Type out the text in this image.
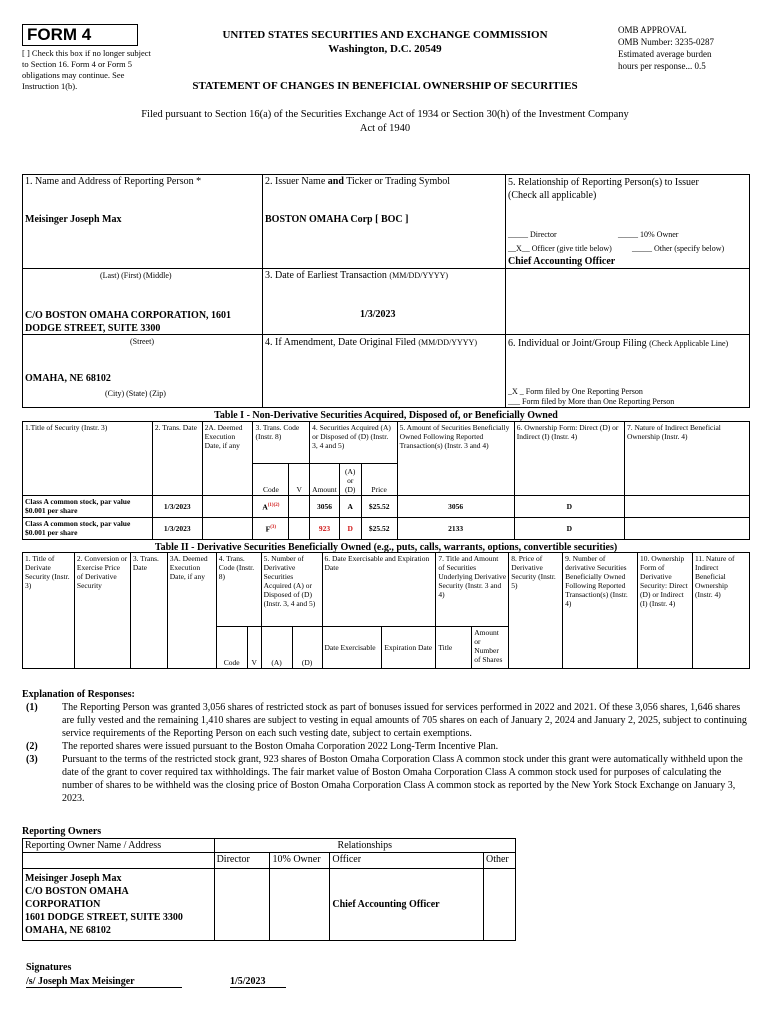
FORM 4
[ ] Check this box if no longer subject to Section 16. Form 4 or Form 5 obligations may continue. See Instruction 1(b).
UNITED STATES SECURITIES AND EXCHANGE COMMISSION
Washington, D.C. 20549
OMB APPROVAL
OMB Number: 3235-0287
Estimated average burden
hours per response... 0.5
STATEMENT OF CHANGES IN BENEFICIAL OWNERSHIP OF SECURITIES
Filed pursuant to Section 16(a) of the Securities Exchange Act of 1934 or Section 30(h) of the Investment Company Act of 1940
1. Name and Address of Reporting Person *
Meisinger Joseph Max
(Last) (First) (Middle)
C/O BOSTON OMAHA CORPORATION, 1601
DODGE STREET, SUITE 3300
(Street)
OMAHA, NE 68102
(City) (State) (Zip)
2. Issuer Name and Ticker or Trading Symbol
BOSTON OMAHA Corp [ BOC ]
3. Date of Earliest Transaction (MM/DD/YYYY)
1/3/2023
4. If Amendment, Date Original Filed (MM/DD/YYYY)
5. Relationship of Reporting Person(s) to Issuer
(Check all applicable)
_____ Director	_____ 10% Owner
__X__ Officer (give title below)	_____ Other (specify below)
Chief Accounting Officer
6. Individual or Joint/Group Filing (Check Applicable Line)
_X _ Form filed by One Reporting Person
___ Form filed by More than One Reporting Person
Table I - Non-Derivative Securities Acquired, Disposed of, or Beneficially Owned
1.Title of Security (Instr. 3)	2. Trans. Date	2A. Deemed Execution Date, if any	3. Trans. Code (Instr. 8)		4. Securities Acquired (A) or Disposed of (D) (Instr. 3, 4 and 5)			5. Amount of Securities Beneficially Owned Following Reported Transaction(s) (Instr. 3 and 4)	6. Ownership Form: Direct (D) or Indirect (I) (Instr. 4)	7. Nature of Indirect Beneficial Ownership (Instr. 4)
			Code	V	Amount	(A) or (D)	Price			
Class A common stock, par value $0.001 per share	1/3/2023		$A^{(1)(2)}$		3056	A	$25.52	3056	D	
Class A common stock, par value $0.001 per share	1/3/2023		$F^{(3)}$		923	D	$25.52	2133	D	
Table II - Derivative Securities Beneficially Owned (e.g., puts, calls, warrants, options, convertible securities)
1. Title of Derivate Security (Instr. 3)	2. Conversion or Exercise Price of Derivative Security	3. Trans. Date	3A. Deemed Execution Date, if any	4. Trans. Code (Instr. 8)		5. Number of Derivative Securities Acquired (A) or Disposed of (D) (Instr. 3, 4 and 5)		6. Date Exercisable and Expiration Date		7. Title and Amount of Securities Underlying Derivative Security (Instr. 3 and 4)		8. Price of Derivative Security (Instr. 5)	9. Number of derivative Securities Beneficially Owned Following Reported Transaction(s) (Instr. 4)	10. Ownership Form of Derivative Security: Direct (D) or Indirect (I) (Instr. 4)	11. Nature of Indirect Beneficial Ownership (Instr. 4)
				Code	V	(A)	(D)	Date Exercisable	Expiration Date	Title	Amount or Number of Shares				
Explanation of Responses:
(1)	The Reporting Person was granted 3,056 shares of restricted stock as part of bonuses issued for services performed in 2022 and 2021. Of these 3,056 shares, 1,646 shares are fully vested and the remaining 1,410 shares are subject to vesting in equal amounts of 705 shares on each of January 2, 2024 and January 2, 2025, subject to continuing service requirements of the Reporting Person on each such vesting date, subject to certain exemptions.
(2)	The reported shares were issued pursuant to the Boston Omaha Corporation 2022 Long-Term Incentive Plan.
(3)	Pursuant to the terms of the restricted stock grant, 923 shares of Boston Omaha Corporation Class A common stock under this grant were automatically withheld upon the date of the grant to cover required tax withholdings. The fair market value of Boston Omaha Corporation Class A common stock used for purposes of calculating the number of shares to be withheld was the closing price of Boston Omaha Corporation Class A common stock as reported by the New York Stock Exchange on January 3, 2023.
Reporting Owners
Reporting Owner Name / Address	Relationships			
	Director	10% Owner	Officer	Other

Meisinger Joseph Max
C/O BOSTON OMAHA
CORPORATION
1601 DODGE STREET, SUITE 3300
OMAHA, NE 68102			Chief Accounting Officer	
Signatures
/s/ Joseph Max Meisinger	1/5/2023
